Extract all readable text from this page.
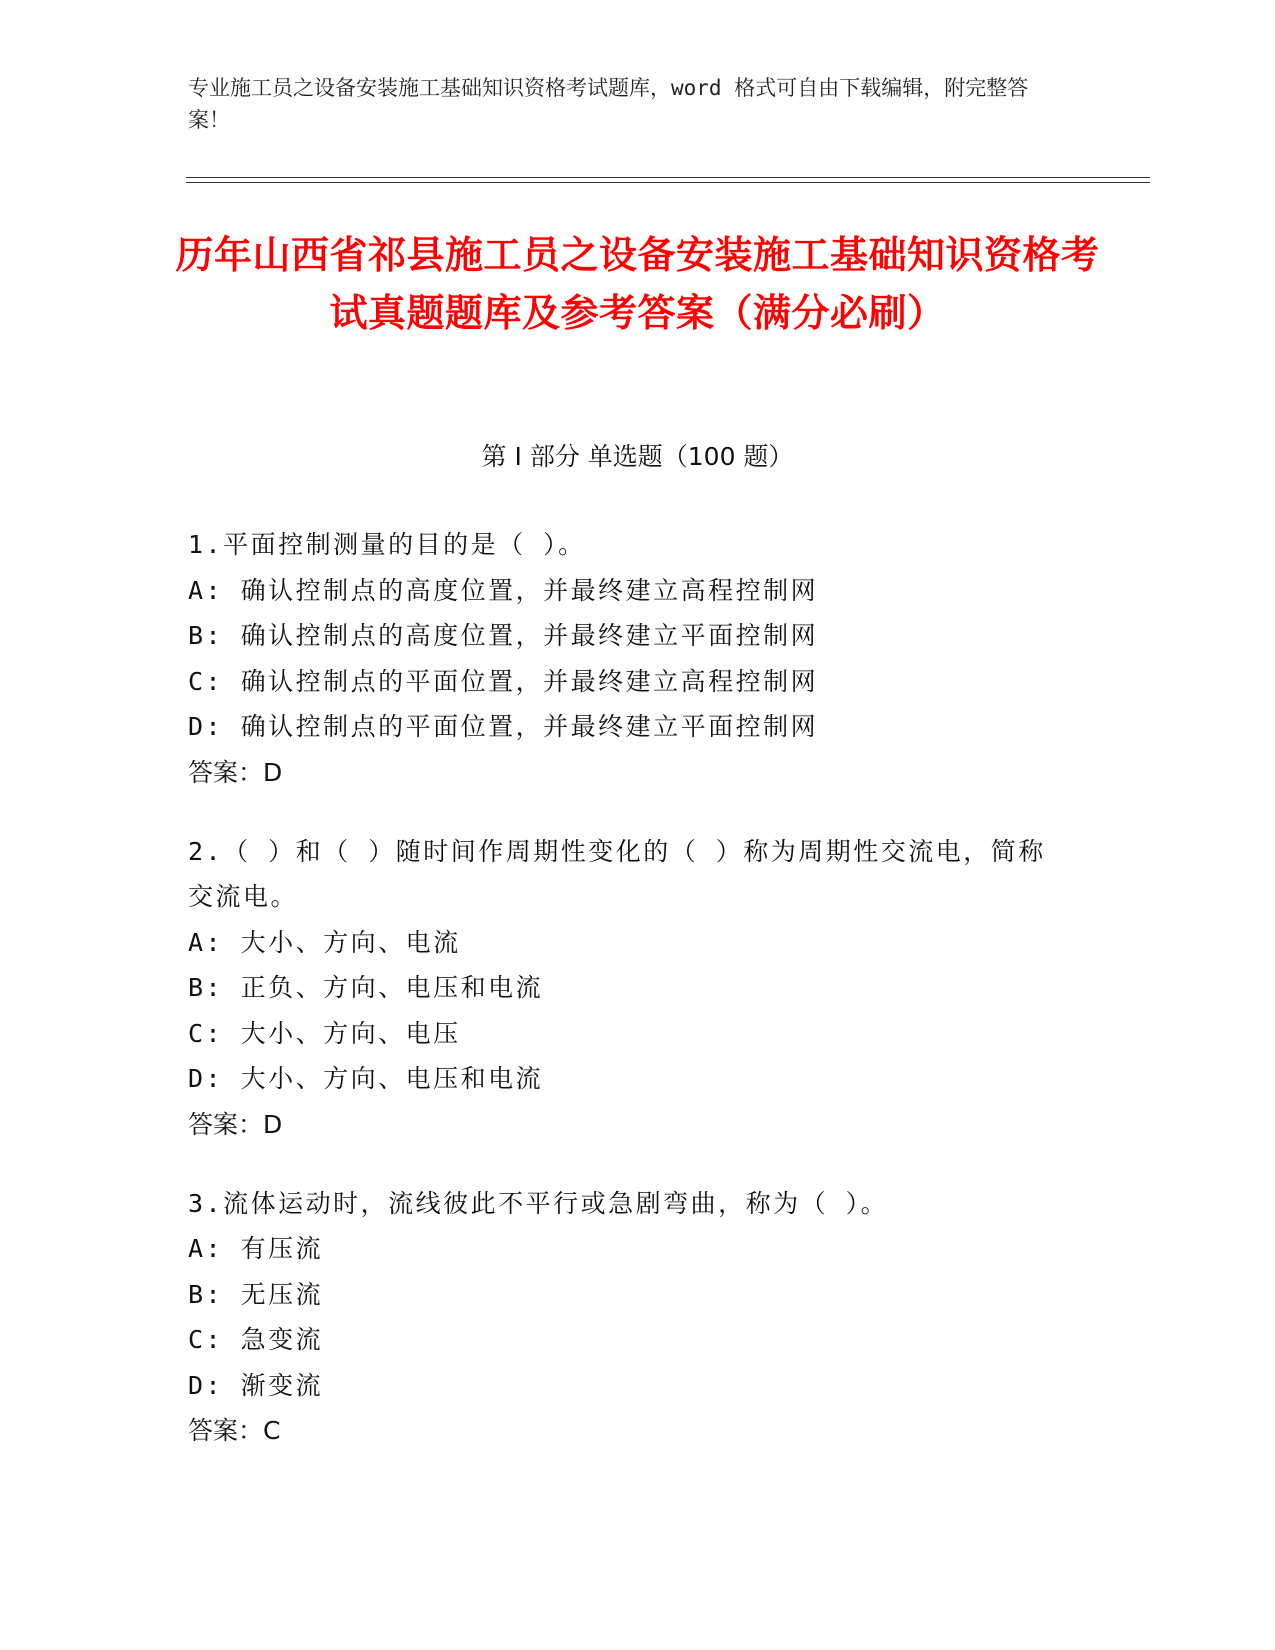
专业施工员之设备安装施工基础知识资格考试题库，word 格式可自由下载编辑，附完整答案！
历年山西省祁县施工员之设备安装施工基础知识资格考试真题题库及参考答案（满分必刷）
第 I 部分 单选题（100 题）
1.平面控制测量的目的是（ ）。
A: 确认控制点的高度位置，并最终建立高程控制网
B: 确认控制点的高度位置，并最终建立平面控制网
C: 确认控制点的平面位置，并最终建立高程控制网
D: 确认控制点的平面位置，并最终建立平面控制网
答案：D
2.（ ）和（ ）随时间作周期性变化的（ ）称为周期性交流电，简称交流电。
A: 大小、方向、电流
B: 正负、方向、电压和电流
C: 大小、方向、电压
D: 大小、方向、电压和电流
答案：D
3.流体运动时，流线彼此不平行或急剧弯曲，称为（ ）。
A: 有压流
B: 无压流
C: 急变流
D: 渐变流
答案：C
